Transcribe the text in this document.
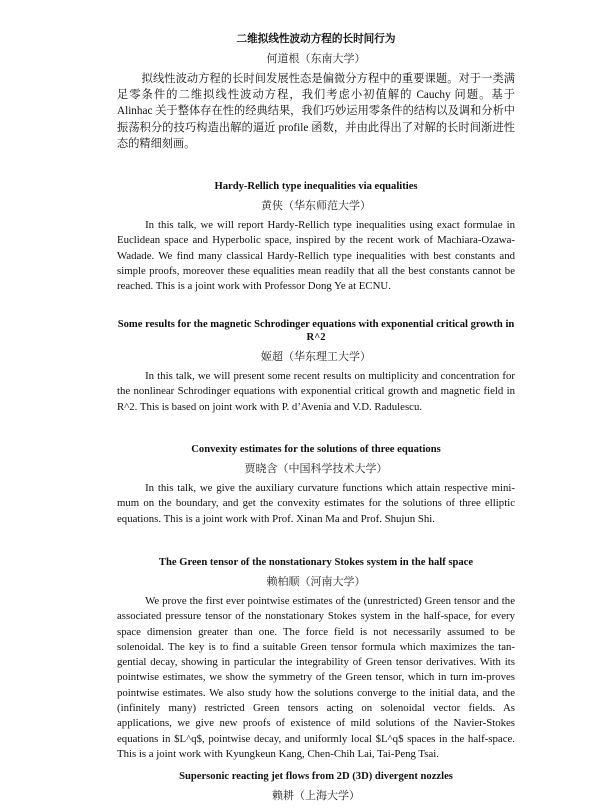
二维拟线性波动方程的长时间行为
何道根（东南大学）

拟线性波动方程的长时间发展性态是偏微分方程中的重要课题。对于一类满足零条件的二维拟线性波动方程，我们考虑小初值解的 Cauchy 问题。基于 Alinhac 关于整体存在性的经典结果，我们巧妙运用零条件的结构以及调和分析中振荡积分的技巧构造出解的逼近 profile 函数，并由此得出了对解的长时间渐进性态的精细刻画。

Hardy-Rellich type inequalities via equalities
黄侠（华东师范大学）

In this talk, we will report Hardy-Rellich type inequalities using exact formulae in Euclidean space and Hyperbolic space, inspired by the recent work of Machiara-Ozawa-Wadade. We find many classical Hardy-Rellich type inequalities with best constants and simple proofs, moreover these equalities mean readily that all the best constants cannot be reached. This is a joint work with Professor Dong Ye at ECNU.

Some results for the magnetic Schrodinger equations with exponential critical growth in R^2
姬超（华东理工大学）

In this talk, we will present some recent results on multiplicity and concentration for the nonlinear Schrodinger equations with exponential critical growth and magnetic field in R^2. This is based on joint work with P. d’Avenia and V.D. Radulescu.

Convexity estimates for the solutions of three equations
贾晓含（中国科学技术大学）

In this talk, we give the auxiliary curvature functions which attain respective mini-mum on the boundary, and get the convexity estimates for the solutions of three elliptic equations. This is a joint work with Prof. Xinan Ma and Prof. Shujun Shi.

The Green tensor of the nonstationary Stokes system in the half space
赖柏顺（河南大学）

We prove the first ever pointwise estimates of the (unrestricted) Green tensor and the associated pressure tensor of the nonstationary Stokes system in the half-space, for every space dimension greater than one. The force field is not necessarily assumed to be solenoidal. The key is to find a suitable Green tensor formula which maximizes the tan-gential decay, showing in particular the integrability of Green tensor derivatives. With its pointwise estimates, we show the symmetry of the Green tensor, which in turn im-proves pointwise estimates. We also study how the solutions converge to the initial data, and the (infinitely many) restricted Green tensors acting on solenoidal vector fields. As applications, we give new proofs of existence of mild solutions of the Navier-Stokes equations in $L^q$, pointwise decay, and uniformly local $L^q$ spaces in the half-space. This is a joint work with Kyungkeun Kang, Chen-Chih Lai, Tai-Peng Tsai.

Supersonic reacting jet flows from 2D (3D) divergent nozzles
赖耕（上海大学）
